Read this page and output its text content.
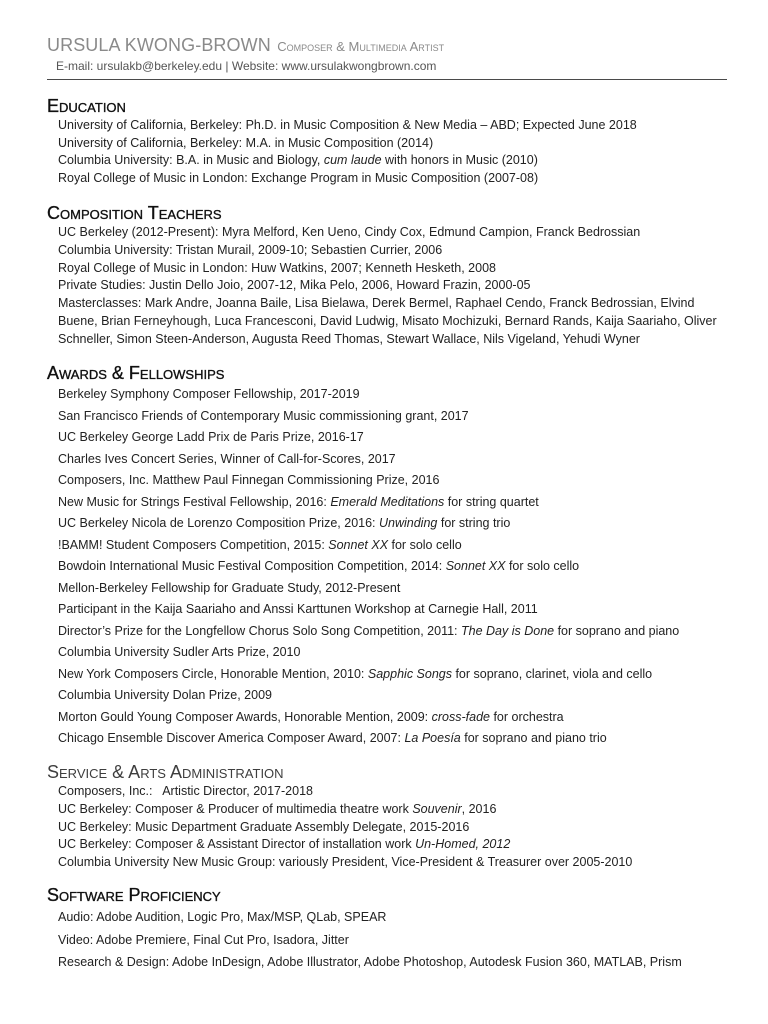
URSULA KWONG-BROWN Composer & Multimedia Artist
E-mail: ursulakb@berkeley.edu | Website: www.ursulakwongbrown.com
Education
University of California, Berkeley: Ph.D. in Music Composition & New Media – ABD; Expected June 2018
University of California, Berkeley: M.A. in Music Composition (2014)
Columbia University: B.A. in Music and Biology, cum laude with honors in Music (2010)
Royal College of Music in London: Exchange Program in Music Composition (2007-08)
Composition Teachers
UC Berkeley (2012-Present): Myra Melford, Ken Ueno, Cindy Cox, Edmund Campion, Franck Bedrossian
Columbia University: Tristan Murail, 2009-10; Sebastien Currier, 2006
Royal College of Music in London: Huw Watkins, 2007; Kenneth Hesketh, 2008
Private Studies: Justin Dello Joio, 2007-12, Mika Pelo, 2006, Howard Frazin, 2000-05
Masterclasses: Mark Andre, Joanna Baile, Lisa Bielawa, Derek Bermel, Raphael Cendo, Franck Bedrossian, Elvind Buene, Brian Ferneyhough, Luca Francesconi, David Ludwig, Misato Mochizuki, Bernard Rands, Kaija Saariaho, Oliver Schneller, Simon Steen-Anderson, Augusta Reed Thomas, Stewart Wallace, Nils Vigeland, Yehudi Wyner
Awards & Fellowships
Berkeley Symphony Composer Fellowship, 2017-2019
San Francisco Friends of Contemporary Music commissioning grant, 2017
UC Berkeley George Ladd Prix de Paris Prize, 2016-17
Charles Ives Concert Series, Winner of Call-for-Scores, 2017
Composers, Inc. Matthew Paul Finnegan Commissioning Prize, 2016
New Music for Strings Festival Fellowship, 2016: Emerald Meditations for string quartet
UC Berkeley Nicola de Lorenzo Composition Prize, 2016: Unwinding for string trio
!BAMM! Student Composers Competition, 2015: Sonnet XX for solo cello
Bowdoin International Music Festival Composition Competition, 2014: Sonnet XX for solo cello
Mellon-Berkeley Fellowship for Graduate Study, 2012-Present
Participant in the Kaija Saariaho and Anssi Karttunen Workshop at Carnegie Hall, 2011
Director’s Prize for the Longfellow Chorus Solo Song Competition, 2011: The Day is Done for soprano and piano
Columbia University Sudler Arts Prize, 2010
New York Composers Circle, Honorable Mention, 2010: Sapphic Songs for soprano, clarinet, viola and cello
Columbia University Dolan Prize, 2009
Morton Gould Young Composer Awards, Honorable Mention, 2009: cross-fade for orchestra
Chicago Ensemble Discover America Composer Award, 2007: La Poesía for soprano and piano trio
Service & Arts Administration
Composers, Inc.:   Artistic Director, 2017-2018
UC Berkeley: Composer & Producer of multimedia theatre work Souvenir, 2016
UC Berkeley: Music Department Graduate Assembly Delegate, 2015-2016
UC Berkeley: Composer & Assistant Director of installation work Un-Homed, 2012
Columbia University New Music Group: variously President, Vice-President & Treasurer over 2005-2010
Software Proficiency
Audio: Adobe Audition, Logic Pro, Max/MSP, QLab, SPEAR
Video: Adobe Premiere, Final Cut Pro, Isadora, Jitter
Research & Design: Adobe InDesign, Adobe Illustrator, Adobe Photoshop, Autodesk Fusion 360, MATLAB, Prism
